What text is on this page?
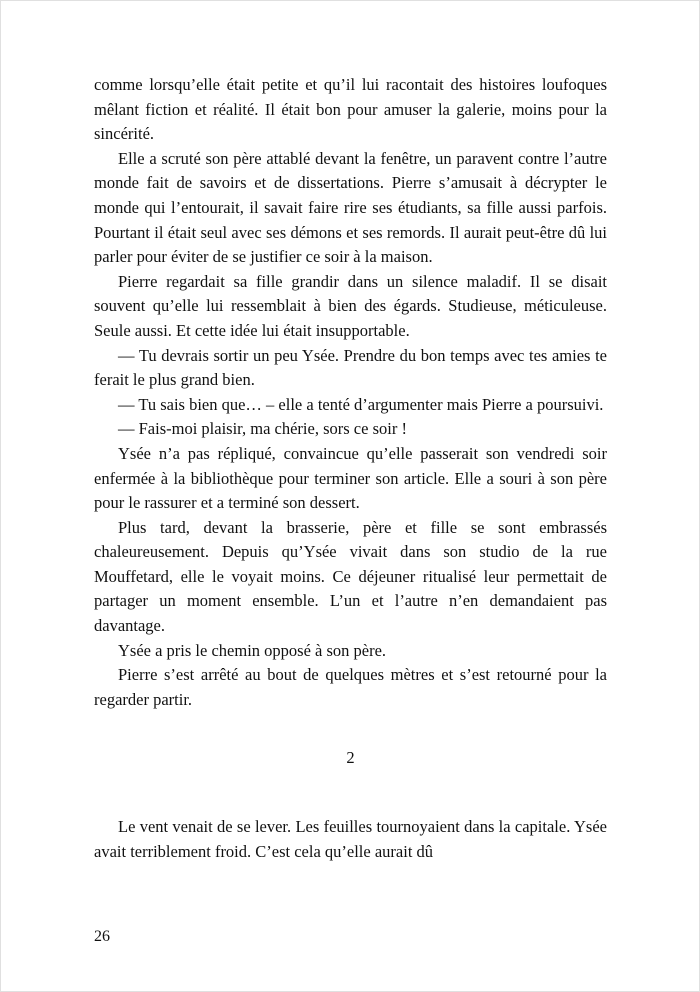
comme lorsqu’elle était petite et qu’il lui racontait des histoires loufoques mêlant fiction et réalité. Il était bon pour amuser la galerie, moins pour la sincérité.

Elle a scruté son père attablé devant la fenêtre, un paravent contre l’autre monde fait de savoirs et de dissertations. Pierre s’amusait à décrypter le monde qui l’entourait, il savait faire rire ses étudiants, sa fille aussi parfois. Pourtant il était seul avec ses démons et ses remords. Il aurait peut-être dû lui parler pour éviter de se justifier ce soir à la maison.

Pierre regardait sa fille grandir dans un silence maladif. Il se disait souvent qu’elle lui ressemblait à bien des égards. Studieuse, méticuleuse. Seule aussi. Et cette idée lui était insupportable.

— Tu devrais sortir un peu Ysée. Prendre du bon temps avec tes amies te ferait le plus grand bien.

— Tu sais bien que… – elle a tenté d’argumenter mais Pierre a poursuivi.

— Fais-moi plaisir, ma chérie, sors ce soir !

Ysée n’a pas répliqué, convaincue qu’elle passerait son vendredi soir enfermée à la bibliothèque pour terminer son article. Elle a souri à son père pour le rassurer et a terminé son dessert.

Plus tard, devant la brasserie, père et fille se sont embrassés chaleureusement. Depuis qu’Ysée vivait dans son studio de la rue Mouffetard, elle le voyait moins. Ce déjeuner ritualisé leur permettait de partager un moment ensemble. L’un et l’autre n’en demandaient pas davantage.

Ysée a pris le chemin opposé à son père.

Pierre s’est arrêté au bout de quelques mètres et s’est retourné pour la regarder partir.

2

Le vent venait de se lever. Les feuilles tournoyaient dans la capitale. Ysée avait terriblement froid. C’est cela qu’elle aurait dû

26
